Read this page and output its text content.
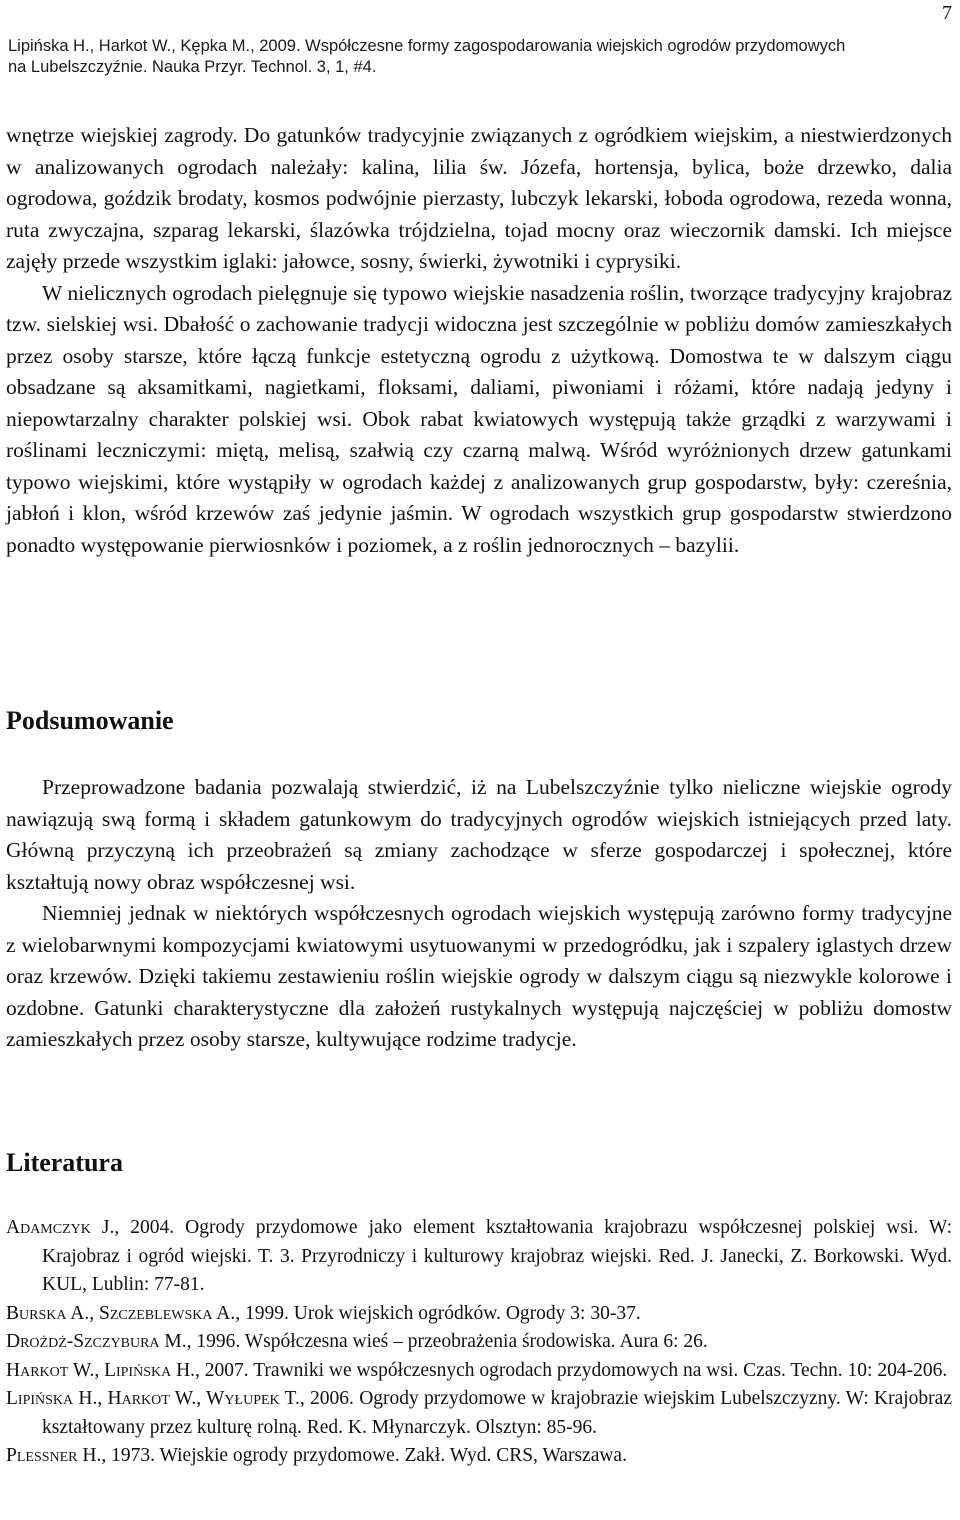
7
Lipińska H., Harkot W., Kępka M., 2009. Współczesne formy zagospodarowania wiejskich ogrodów przydomowych
na Lubelszczyźnie. Nauka Przyr. Technol. 3, 1, #4.

wnętrze wiejskiej zagrody. Do gatunków tradycyjnie związanych z ogródkiem wiejskim, a niestwierdzonych w analizowanych ogrodach należały: kalina, lilia św. Józefa, hortensja, bylica, boże drzewko, dalia ogrodowa, goździk brodaty, kosmos podwójnie pierzasty, lubczyk lekarski, łoboda ogrodowa, rezeda wonna, ruta zwyczajna, szparag lekarski, ślazówka trójdzielna, tojad mocny oraz wieczornik damski. Ich miejsce zajęły przede wszystkim iglaki: jałowce, sosny, świerki, żywotniki i cyprysiki.

W nielicznych ogrodach pielęgnuje się typowo wiejskie nasadzenia roślin, tworzące tradycyjny krajobraz tzw. sielskiej wsi. Dbałość o zachowanie tradycji widoczna jest szczególnie w pobliżu domów zamieszkałych przez osoby starsze, które łączą funkcje estetyczną ogrodu z użytkową. Domostwa te w dalszym ciągu obsadzane są aksamitkami, nagietkami, floksami, daliami, piwoniami i różami, które nadają jedyny i niepowtarzalny charakter polskiej wsi. Obok rabat kwiatowych występują także grządki z warzywami i roślinami leczniczymi: miętą, melisą, szałwią czy czarną malwą. Wśród wyróżnionych drzew gatunkami typowo wiejskimi, które wystąpiły w ogrodach każdej z analizowanych grup gospodarstw, były: czereśnia, jabłoń i klon, wśród krzewów zaś jedynie jaśmin. W ogrodach wszystkich grup gospodarstw stwierdzono ponadto występowanie pierwiosnków i poziomek, a z roślin jednorocznych – bazylii.

Podsumowanie

Przeprowadzone badania pozwalają stwierdzić, iż na Lubelszczyźnie tylko nieliczne wiejskie ogrody nawiązują swą formą i składem gatunkowym do tradycyjnych ogrodów wiejskich istniejących przed laty. Główną przyczyną ich przeobrażeń są zmiany zachodzące w sferze gospodarczej i społecznej, które kształtują nowy obraz współczesnej wsi.

Niemniej jednak w niektórych współczesnych ogrodach wiejskich występują zarówno formy tradycyjne z wielobarwnymi kompozycjami kwiatowymi usytuowanymi w przedogródku, jak i szpalery iglastych drzew oraz krzewów. Dzięki takiemu zestawieniu roślin wiejskie ogrody w dalszym ciągu są niezwykle kolorowe i ozdobne. Gatunki charakterystyczne dla założeń rustykalnych występują najczęściej w pobliżu domostw zamieszkałych przez osoby starsze, kultywujące rodzime tradycje.

Literatura
Adamczyk J., 2004. Ogrody przydomowe jako element kształtowania krajobrazu współczesnej polskiej wsi. W: Krajobraz i ogród wiejski. T. 3. Przyrodniczy i kulturowy krajobraz wiejski. Red. J. Janecki, Z. Borkowski. Wyd. KUL, Lublin: 77-81.
Burska A., Szczeblewska A., 1999. Urok wiejskich ogródków. Ogrody 3: 30-37.
Drożdż-Szczybura M., 1996. Współczesna wieś – przeobrażenia środowiska. Aura 6: 26.
Harkot W., Lipińska H., 2007. Trawniki we współczesnych ogrodach przydomowych na wsi. Czas. Techn. 10: 204-206.
Lipińska H., Harkot W., Wyłupek T., 2006. Ogrody przydomowe w krajobrazie wiejskim Lubelszczyzny. W: Krajobraz kształtowany przez kulturę rolną. Red. K. Młynarczyk. Olsztyn: 85-96.
Plessner H., 1973. Wiejskie ogrody przydomowe. Zakł. Wyd. CRS, Warszawa.
